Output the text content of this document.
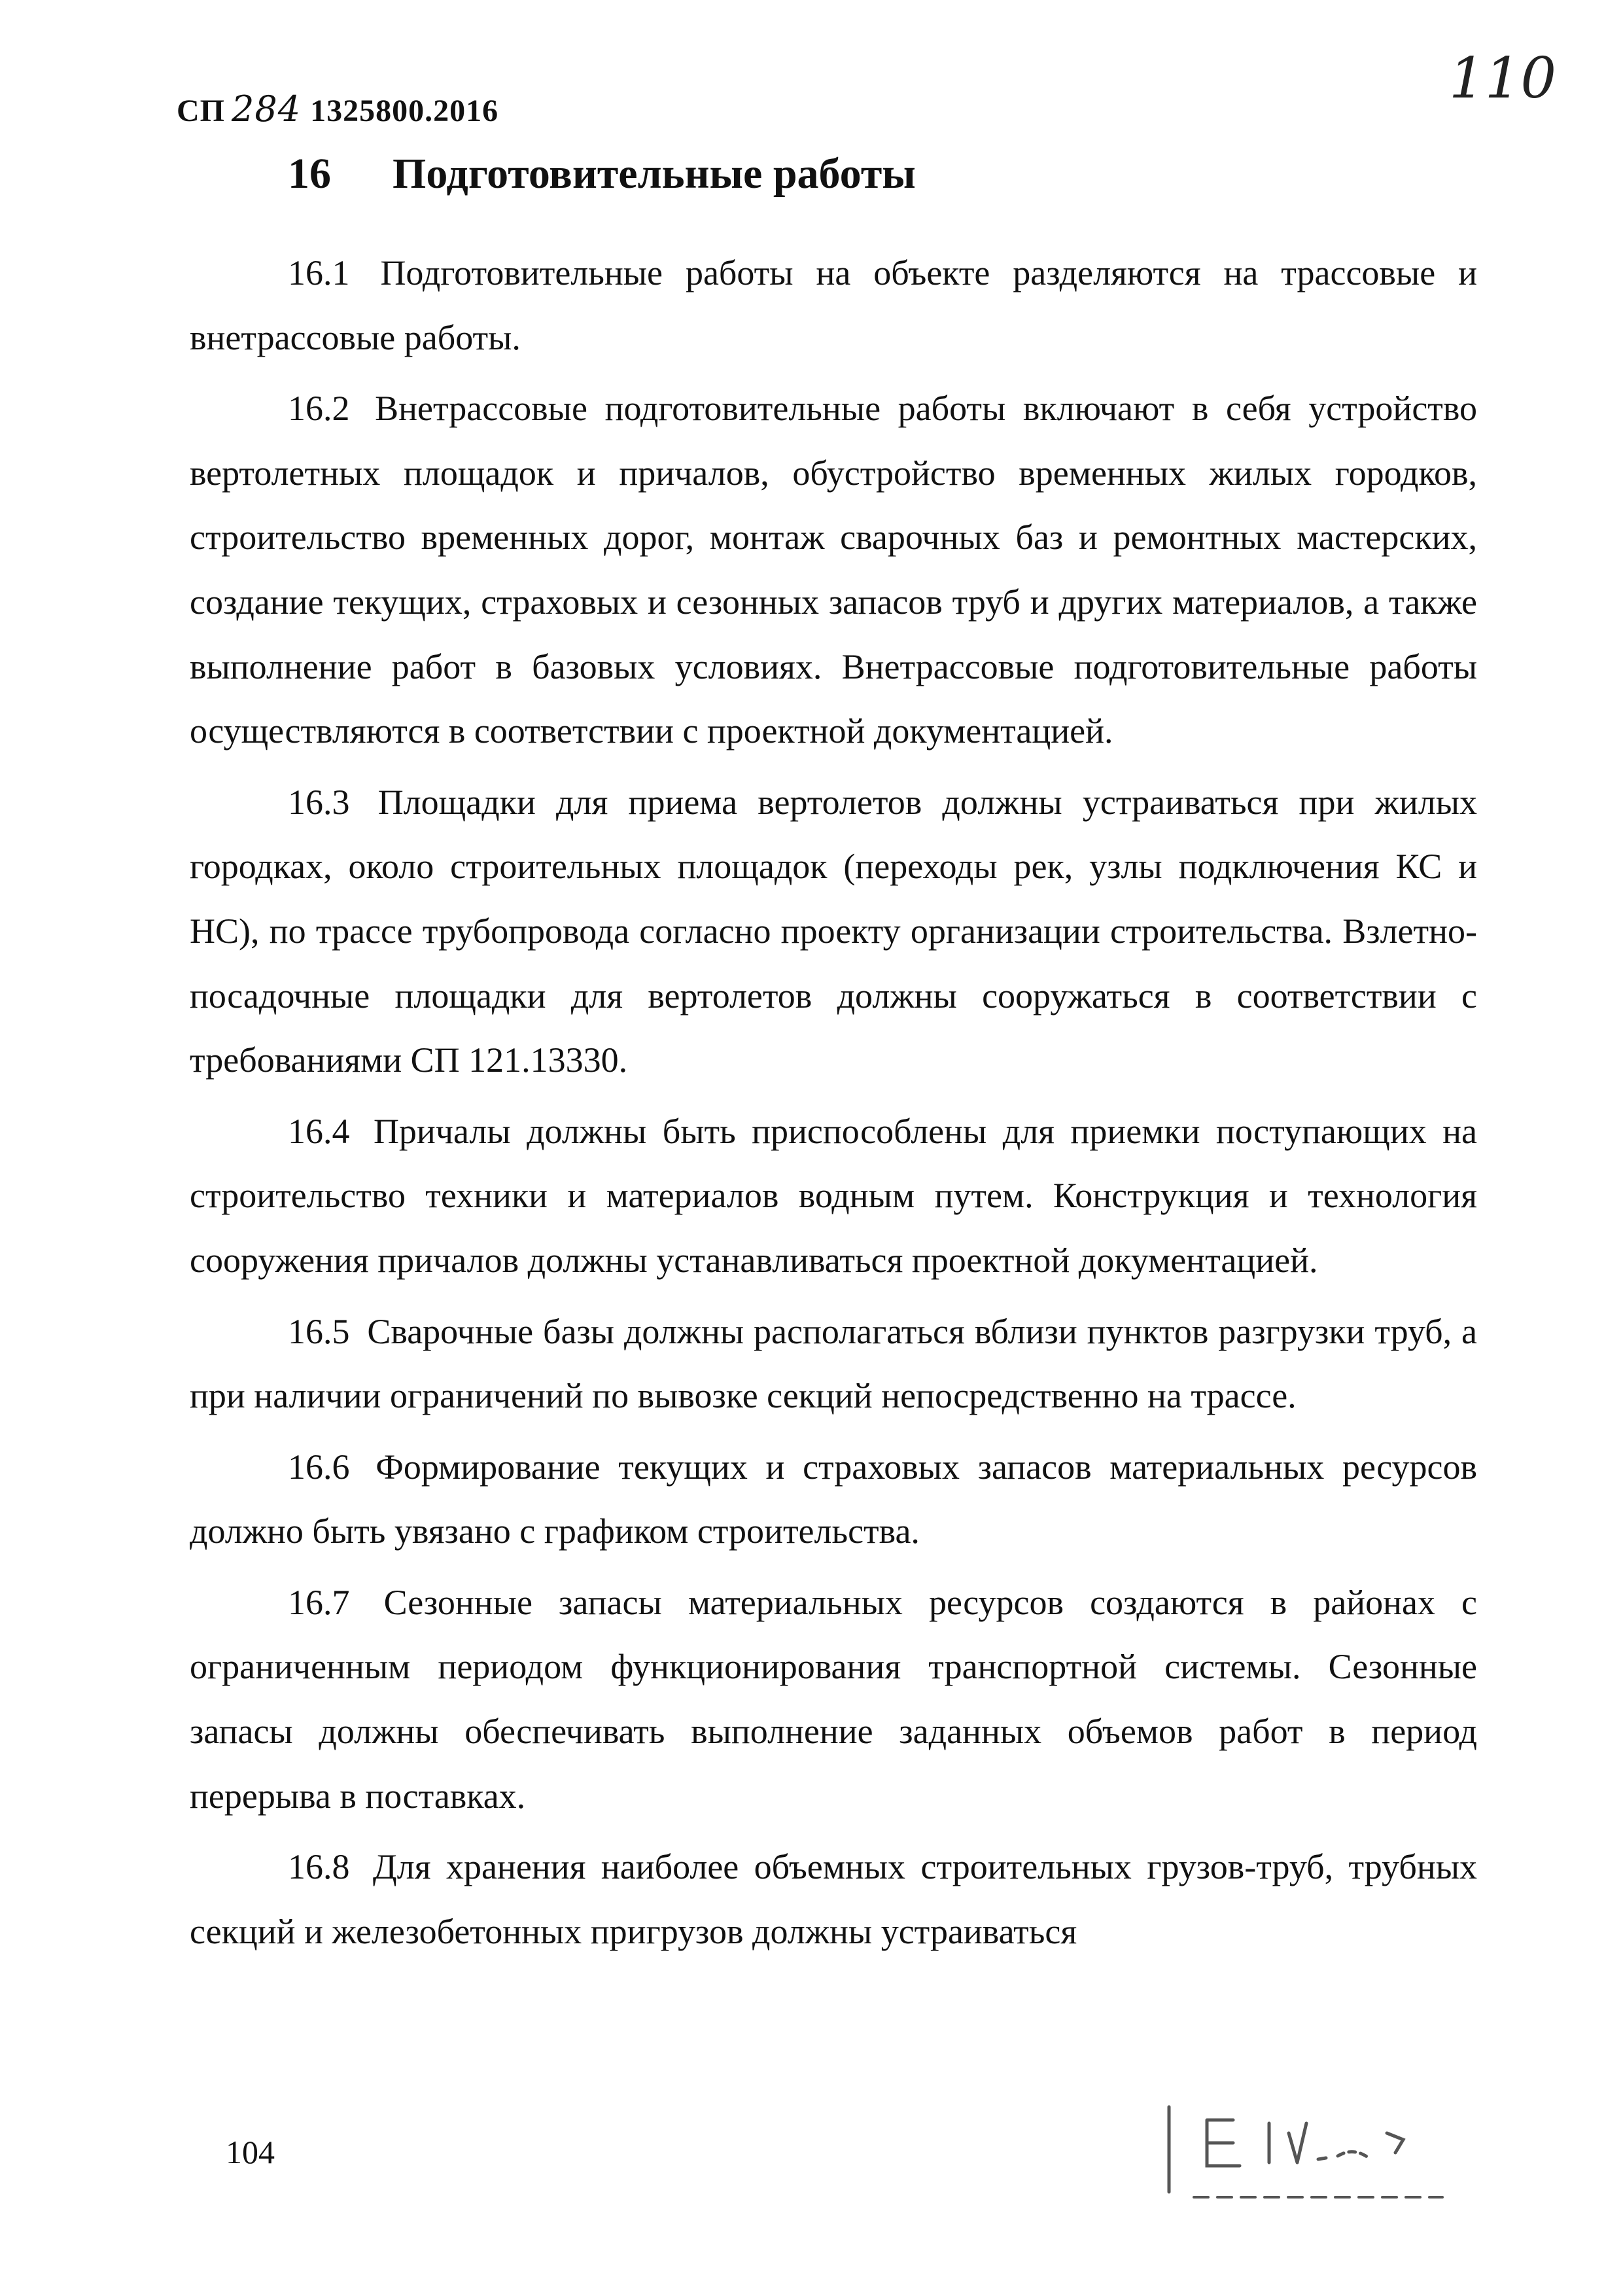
СП 284 1325800.2016	110
16 Подготовительные работы

16.1 Подготовительные работы на объекте разделяются на трассовые и внетрассовые работы.

16.2 Внетрассовые подготовительные работы включают в себя устройство вертолетных площадок и причалов, обустройство временных жилых городков, строительство временных дорог, монтаж сварочных баз и ремонтных мастерских, создание текущих, страховых и сезонных запасов труб и других материалов, а также выполнение работ в базовых условиях. Внетрассовые подготовительные работы осуществляются в соответствии с проектной документацией.

16.3 Площадки для приема вертолетов должны устраиваться при жилых городках, около строительных площадок (переходы рек, узлы подключения КС и НС), по трассе трубопровода согласно проекту организации строительства. Взлетно-посадочные площадки для вертолетов должны сооружаться в соответствии с требованиями СП 121.13330.

16.4 Причалы должны быть приспособлены для приемки поступающих на строительство техники и материалов водным путем. Конструкция и технология сооружения причалов должны устанавливаться проектной документацией.

16.5 Сварочные базы должны располагаться вблизи пунктов разгрузки труб, а при наличии ограничений по вывозке секций непосредственно на трассе.

16.6 Формирование текущих и страховых запасов материальных ресурсов должно быть увязано с графиком строительства.

16.7 Сезонные запасы материальных ресурсов создаются в районах с ограниченным периодом функционирования транспортной системы. Сезонные запасы должны обеспечивать выполнение заданных объемов работ в период перерыва в поставках.

16.8 Для хранения наиболее объемных строительных грузов-труб, трубных секций и железобетонных пригрузов должны устраиваться

104
